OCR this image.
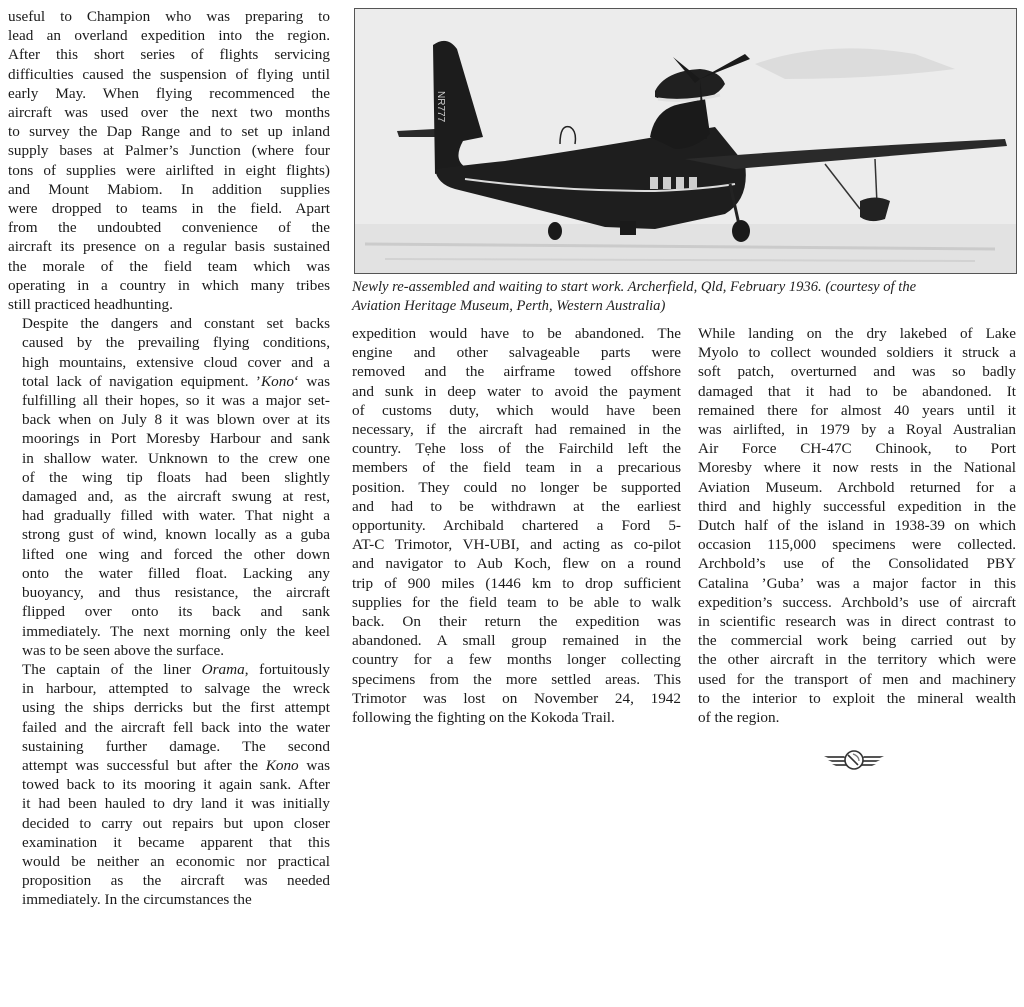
NR777
Newly re-assembled and waiting to start work. Archerfield, Qld, February 1936. (courtesy of the
Aviation Heritage Museum, Perth, Western Australia)

useful to Champion who was preparing to
lead an overland expedition into the region.
After this short series of flights servicing
difficulties caused the suspension of flying until
early May. When flying recommenced the
aircraft was used over the next two months
to survey the Dap Range and to set up inland
supply bases at Palmer’s Junction (where four
tons of supplies were airlifted in eight flights)
and Mount Mabiom. In addition supplies
were dropped to teams in the field. Apart
from the undoubted convenience of the
aircraft its presence on a regular basis sustained
the morale of the field team which was
operating in a country in which many tribes
still practiced headhunting.

Despite the dangers and constant set backs
caused by the prevailing flying conditions,
high mountains, extensive cloud cover and a
total lack of navigation equipment. ’Kono‘ was
fulfilling all their hopes, so it was a major set-
back when on July 8 it was blown over at its
moorings in Port Moresby Harbour and sank
in shallow water. Unknown to the crew one
of the wing tip floats had been slightly
damaged and, as the aircraft swung at rest,
had gradually filled with water. That night a
strong gust of wind, known locally as a guba
lifted one wing and forced the other down
onto the water filled float. Lacking any
buoyancy, and thus resistance, the aircraft
flipped over onto its back and sank
immediately. The next morning only the keel
was to be seen above the surface.

The captain of the liner Orama, fortuitously
in harbour, attempted to salvage the wreck
using the ships derricks but the first attempt
failed and the aircraft fell back into the water
sustaining further damage. The second
attempt was successful but after the Kono was
towed back to its mooring it again sank. After
it had been hauled to dry land it was initially
decided to carry out repairs but upon closer
examination it became apparent that this
would be neither an economic nor practical
proposition as the aircraft was needed
immediately. In the circumstances the

expedition would have to be abandoned. The
engine and other salvageable parts were
removed and the airframe towed offshore
and sunk in deep water to avoid the payment
of customs duty, which would have been
necessary, if the aircraft had remained in the
country. Tẹhe loss of the Fairchild left the
members of the field team in a precarious
position. They could no longer be supported
and had to be withdrawn at the earliest
opportunity. Archibald chartered a Ford 5-
AT-C Trimotor, VH-UBI, and acting as co-pilot
and navigator to Aub Koch, flew on a round
trip of 900 miles (1446 km to drop sufficient
supplies for the field team to be able to walk
back. On their return the expedition was
abandoned. A small group remained in the
country for a few months longer collecting
specimens from the more settled areas. This
Trimotor was lost on November 24, 1942
following the fighting on the Kokoda Trail.

While landing on the dry lakebed of Lake
Myolo to collect wounded soldiers it struck a
soft patch, overturned and was so badly
damaged that it had to be abandoned. It
remained there for almost 40 years until it
was airlifted, in 1979 by a Royal Australian
Air Force CH-47C Chinook, to Port
Moresby where it now rests in the National
Aviation Museum. Archbold returned for a
third and highly successful expedition in the
Dutch half of the island in 1938-39 on which
occasion 115,000 specimens were collected.
Archbold’s use of the Consolidated PBY
Catalina ’Guba’ was a major factor in this
expedition’s success. Archbold’s use of aircraft
in scientific research was in direct contrast to
the commercial work being carried out by
the other aircraft in the territory which were
used for the transport of men and machinery
to the interior to exploit the mineral wealth
of the region.
